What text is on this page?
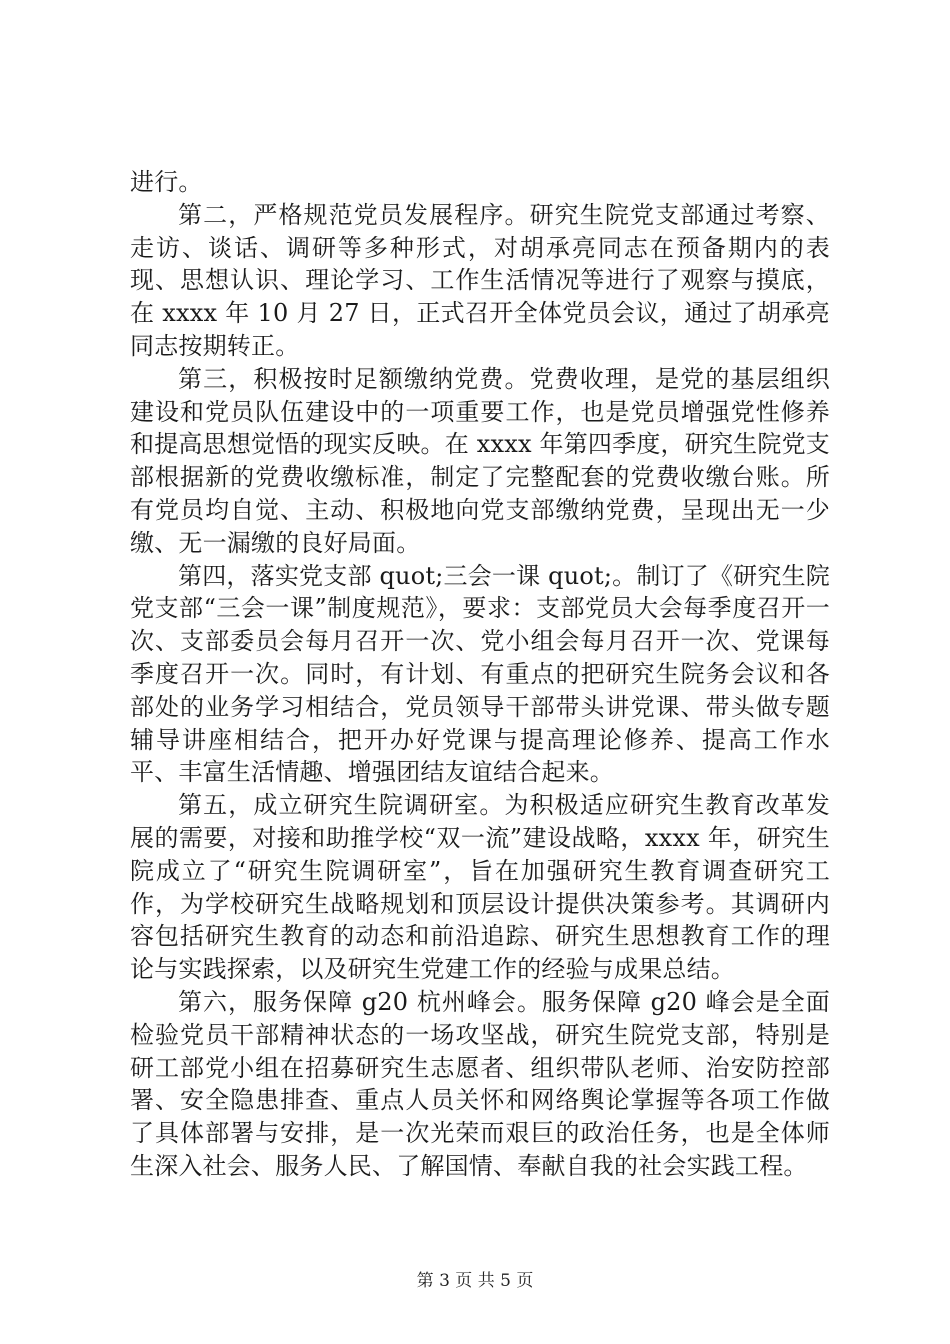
进行。

第二，严格规范党员发展程序。研究生院党支部通过考察、走访、谈话、调研等多种形式，对胡承亮同志在预备期内的表现、思想认识、理论学习、工作生活情况等进行了观察与摸底，在 xxxx 年 10 月 27 日，正式召开全体党员会议，通过了胡承亮同志按期转正。

第三，积极按时足额缴纳党费。党费收理，是党的基层组织建设和党员队伍建设中的一项重要工作，也是党员增强党性修养和提高思想觉悟的现实反映。在 xxxx 年第四季度，研究生院党支部根据新的党费收缴标准，制定了完整配套的党费收缴台账。所有党员均自觉、主动、积极地向党支部缴纳党费，呈现出无一少缴、无一漏缴的良好局面。

第四，落实党支部 quot;三会一课 quot;。制订了《研究生院党支部“三会一课”制度规范》，要求：支部党员大会每季度召开一次、支部委员会每月召开一次、党小组会每月召开一次、党课每季度召开一次。同时，有计划、有重点的把研究生院务会议和各部处的业务学习相结合，党员领导干部带头讲党课、带头做专题辅导讲座相结合，把开办好党课与提高理论修养、提高工作水平、丰富生活情趣、增强团结友谊结合起来。

第五，成立研究生院调研室。为积极适应研究生教育改革发展的需要，对接和助推学校“双一流”建设战略，xxxx 年，研究生院成立了“研究生院调研室”，旨在加强研究生教育调查研究工作，为学校研究生战略规划和顶层设计提供决策参考。其调研内容包括研究生教育的动态和前沿追踪、研究生思想教育工作的理论与实践探索，以及研究生党建工作的经验与成果总结。

第六，服务保障 g20 杭州峰会。服务保障 g20 峰会是全面检验党员干部精神状态的一场攻坚战，研究生院党支部，特别是研工部党小组在招募研究生志愿者、组织带队老师、治安防控部署、安全隐患排查、重点人员关怀和网络舆论掌握等各项工作做了具体部署与安排，是一次光荣而艰巨的政治任务，也是全体师生深入社会、服务人民、了解国情、奉献自我的社会实践工程。

第 3 页 共 5 页
